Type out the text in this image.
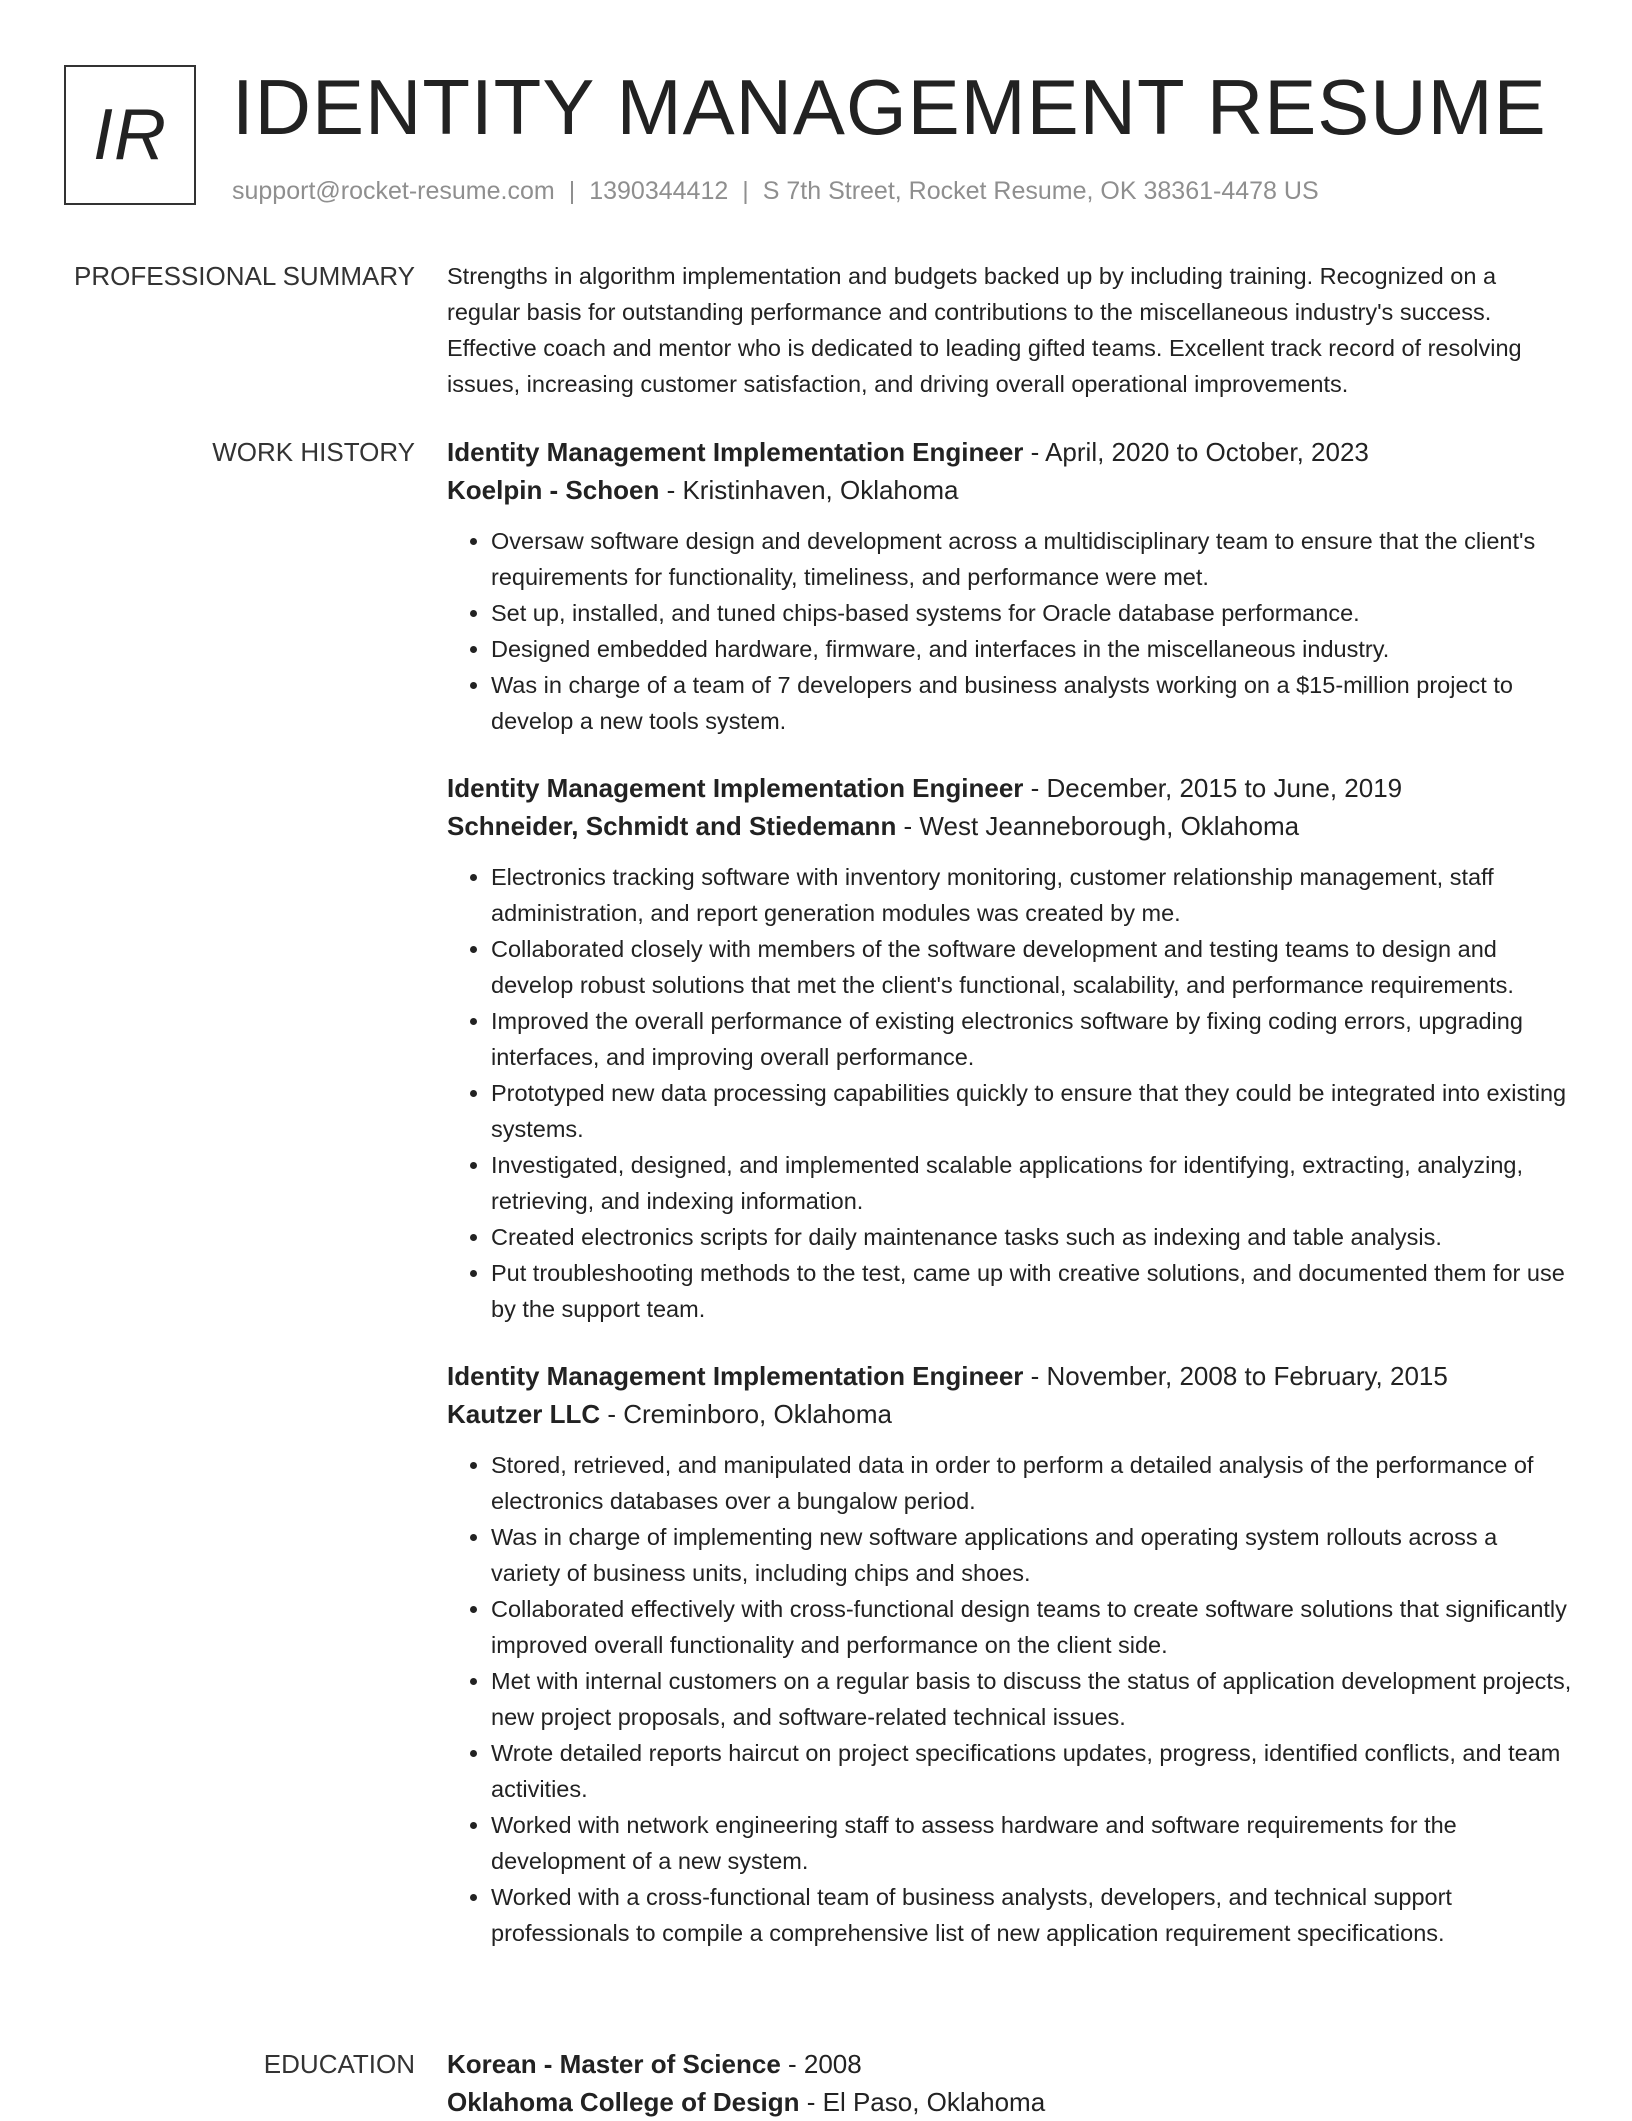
IR IDENTITY MANAGEMENT RESUME
support@rocket-resume.com | 1390344412 | S 7th Street, Rocket Resume, OK 38361-4478 US
PROFESSIONAL SUMMARY Strengths in algorithm implementation and budgets backed up by including training. Recognized on a regular basis for outstanding performance and contributions to the miscellaneous industry's success. Effective coach and mentor who is dedicated to leading gifted teams. Excellent track record of resolving issues, increasing customer satisfaction, and driving overall operational improvements.

WORK HISTORY Identity Management Implementation Engineer - April, 2020 to October, 2023
Koelpin - Schoen - Kristinhaven, Oklahoma
• Oversaw software design and development across a multidisciplinary team to ensure that the client's requirements for functionality, timeliness, and performance were met.
• Set up, installed, and tuned chips-based systems for Oracle database performance.
• Designed embedded hardware, firmware, and interfaces in the miscellaneous industry.
• Was in charge of a team of 7 developers and business analysts working on a $15-million project to develop a new tools system.
Identity Management Implementation Engineer - December, 2015 to June, 2019
Schneider, Schmidt and Stiedemann - West Jeanneborough, Oklahoma
• Electronics tracking software with inventory monitoring, customer relationship management, staff administration, and report generation modules was created by me.
• Collaborated closely with members of the software development and testing teams to design and develop robust solutions that met the client's functional, scalability, and performance requirements.
• Improved the overall performance of existing electronics software by fixing coding errors, upgrading interfaces, and improving overall performance.
• Prototyped new data processing capabilities quickly to ensure that they could be integrated into existing systems.
• Investigated, designed, and implemented scalable applications for identifying, extracting, analyzing, retrieving, and indexing information.
• Created electronics scripts for daily maintenance tasks such as indexing and table analysis.
• Put troubleshooting methods to the test, came up with creative solutions, and documented them for use by the support team.
Identity Management Implementation Engineer - November, 2008 to February, 2015
Kautzer LLC - Creminboro, Oklahoma
• Stored, retrieved, and manipulated data in order to perform a detailed analysis of the performance of electronics databases over a bungalow period.
• Was in charge of implementing new software applications and operating system rollouts across a variety of business units, including chips and shoes.
• Collaborated effectively with cross-functional design teams to create software solutions that significantly improved overall functionality and performance on the client side.
• Met with internal customers on a regular basis to discuss the status of application development projects, new project proposals, and software-related technical issues.
• Wrote detailed reports haircut on project specifications updates, progress, identified conflicts, and team activities.
• Worked with network engineering staff to assess hardware and software requirements for the development of a new system.
• Worked with a cross-functional team of business analysts, developers, and technical support professionals to compile a comprehensive list of new application requirement specifications.
EDUCATION Korean - Master of Science - 2008
Oklahoma College of Design - El Paso, Oklahoma
